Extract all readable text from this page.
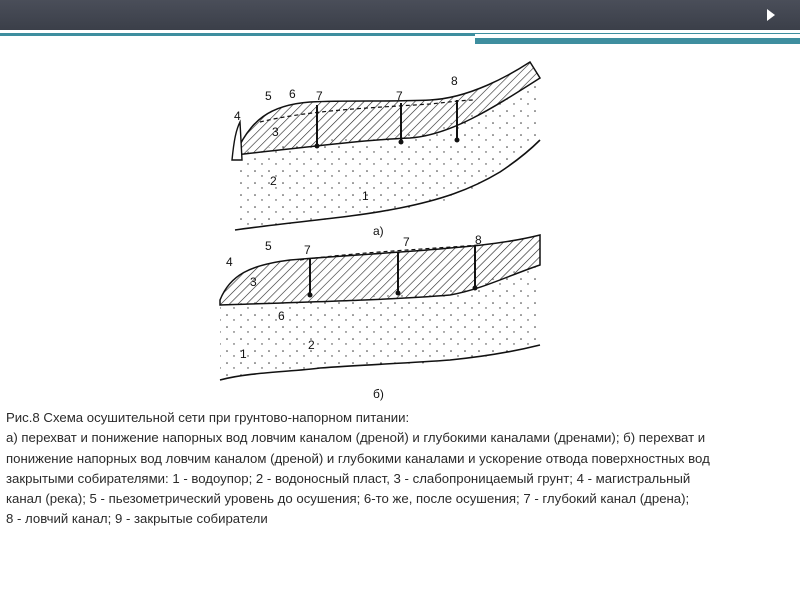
1
2
3
4
5 6 7	7
8
а)
1
2
3
4
5
6
7
7	8
б)
Рис.8 Схема осушительной сети при грунтово-напорном питании:
а) перехват и понижение напорных вод ловчим каналом (дреной) и глубокими каналами (дренами); б) перехват и
понижение напорных вод ловчим каналом (дреной) и глубокими каналами и ускорение отвода поверхностных вод
закрытыми собирателями: 1 - водоупор; 2 - водоносный пласт, 3 - слабопроницаемый грунт; 4 - магистральный
канал (река); 5 - пьезометрический уровень до осушения; 6-то же, после осушения; 7 - глубокий канал (дрена);
8 - ловчий канал; 9 - закрытые собиратели
